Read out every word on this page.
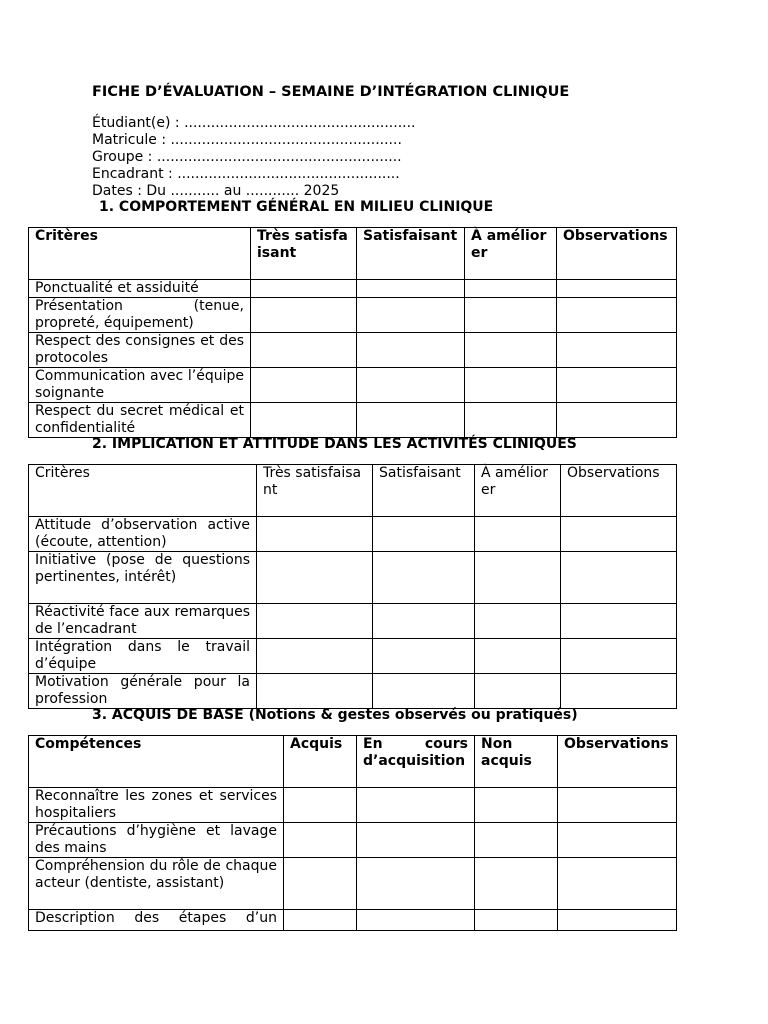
FICHE D’ÉVALUATION – SEMAINE D’INTÉGRATION CLINIQUE
Étudiant(e) : ....................................................
Matricule : ....................................................
Groupe : .......................................................
Encadrant : ..................................................
Dates : Du ........... au ............ 2025
1. COMPORTEMENT GÉNÉRAL EN MILIEU CLINIQUE
Critères	Très satisfaisant	Satisfaisant	À améliorer	Observations
Ponctualité et assiduité				
Présentation (tenue, propreté, équipement)				
Respect des consignes et des protocoles				
Communication avec l’équipe soignante				
Respect du secret médical et confidentialité				
2. IMPLICATION ET ATTITUDE DANS LES ACTIVITÉS CLINIQUES
Critères	Très satisfaisant	Satisfaisant	À améliorer	Observations
Attitude d’observation active (écoute, attention)				
Initiative (pose de questions pertinentes, intérêt)				
Réactivité face aux remarques de l’encadrant				
Intégration dans le travail d’équipe				
Motivation générale pour la profession				
3. ACQUIS DE BASE (Notions & gestes observés ou pratiqués)
Compétences	Acquis	En cours d’acquisition	Non acquis	Observations
Reconnaître les zones et services hospitaliers				
Précautions d’hygiène et lavage des mains				
Compréhension du rôle de chaque acteur (dentiste, assistant)				
Description des étapes d’un				
